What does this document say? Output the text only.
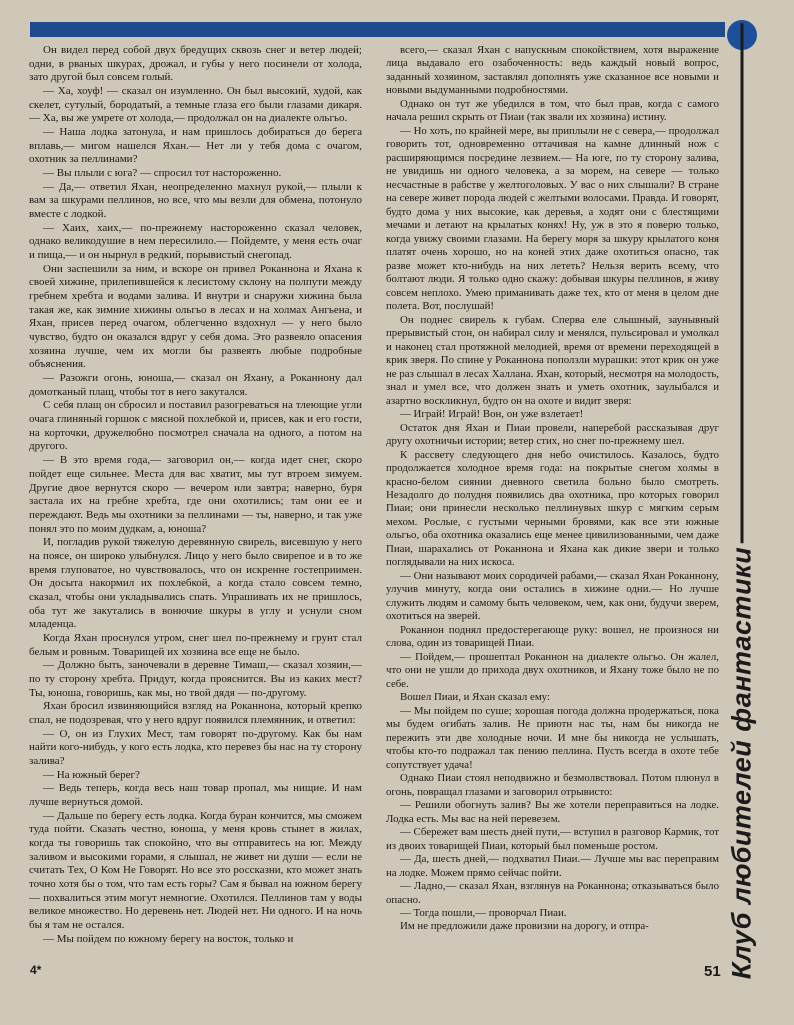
Клуб любителей фантастики

Он видел перед собой двух бредущих сквозь снег и ветер людей; одни, в рваных шкурах, дрожал, и губы у него посинели от холода, зато другой был совсем голый.

— Ха, хоуф! — сказал он изумленно. Он был высокий, худой, как скелет, сутулый, бородатый, а темные глаза его были глазами дикаря.— Ха, вы же умрете от холода,— продолжал он на диалекте ольгьо.

— Наша лодка затонула, и нам пришлось добираться до берега вплавь,— мигом нашелся Яхан.— Нет ли у тебя дома с очагом, охотник за пеллинами?

— Вы плыли с юга? — спросил тот настороженно.

— Да,— ответил Яхан, неопределенно махнул рукой,— плыли к вам за шкурами пеллинов, но все, что мы везли для обмена, потонуло вместе с лодкой.

— Хаих, хаих,— по-прежнему настороженно сказал человек, однако великодушие в нем пересилило.— Пойдемте, у меня есть очаг и пища,— и он нырнул в редкий, порывистый снегопад.

Они заспешили за ним, и вскоре он привел Роканнона и Яхана к своей хижине, прилепившейся к лесистому склону на полпути между гребнем хребта и водами залива. И внутри и снаружи хижина была такая же, как зимние хижины ольгьо в лесах и на холмах Ангьена, и Яхан, присев перед очагом, облегченно вздохнул — у него было чувство, будто он оказался вдруг у себя дома. Это развеяло опасения хозяина лучше, чем их могли бы развеять любые подробные объяснения.

— Разожги огонь, юноша,— сказал он Яхану, а Роканнону дал домотканый плащ, чтобы тот в него закутался.

С себя плащ он сбросил и поставил разогреваться на тлеющие угли очага глиняный горшок с мясной похлебкой и, присев, как и его гости, на корточки, дружелюбно посмотрел сначала на одного, а потом на другого.

— В это время года,— заговорил он,— когда идет снег, скоро пойдет еще сильнее. Места для вас хватит, мы тут втроем зимуем. Другие двое вернутся скоро — вечером или завтра; наверно, буря застала их на гребне хребта, где они охотились; там они ее и переждают. Ведь мы охотники за пеллинами — ты, наверно, и так уже понял это по моим дудкам, а, юноша?

И, погладив рукой тяжелую деревянную свирель, висевшую у него на поясе, он широко улыбнулся. Лицо у него было свирепое и в то же время глуповатое, но чувствовалось, что он искренне гостеприимен. Он досыта накормил их похлебкой, а когда стало совсем темно, сказал, чтобы они укладывались спать. Упрашивать их не пришлось, оба тут же закутались в вонючие шкуры в углу и уснули сном младенца.

Когда Яхан проснулся утром, снег шел по-прежнему и грунт стал белым и ровным. Товарищей их хозяина все еще не было.

— Должно быть, заночевали в деревне Тимаш,— сказал хозяин,— по ту сторону хребта. Придут, когда прояснится. Вы из каких мест? Ты, юноша, говоришь, как мы, но твой дядя — по-другому.

Яхан бросил извиняющийся взгляд на Роканнона, который крепко спал, не подозревая, что у него вдруг появился племянник, и ответил:

— О, он из Глухих Мест, там говорят по-другому. Как бы нам найти кого-нибудь, у кого есть лодка, кто перевез бы нас на ту сторону залива?

— На южный берег?

— Ведь теперь, когда весь наш товар пропал, мы нищие. И нам лучше вернуться домой.

— Дальше по берегу есть лодка. Когда буран кончится, мы сможем туда пойти. Сказать честно, юноша, у меня кровь стынет в жилах, когда ты говоришь так спокойно, что вы отправитесь на юг. Между заливом и высокими горами, я слышал, не живет ни души — если не считать Тех, О Ком Не Говорят. Но все это россказни, кто может знать точно хотя бы о том, что там есть горы? Сам я бывал на южном берегу — похвалиться этим могут немногие. Охотился. Пеллинов там у воды великое множество. Но деревень нет. Людей нет. Ни одного. И на ночь бы я там не остался.

— Мы пойдем по южному берегу на восток, только и

всего,— сказал Яхан с напускным спокойствием, хотя выражение лица выдавало его озабоченность: ведь каждый новый вопрос, заданный хозяином, заставлял дополнять уже сказанное все новыми и новыми выдуманными подробностями.

Однако он тут же убедился в том, что был прав, когда с самого начала решил скрыть от Пиаи (так звали их хозяина) истину.

— Но хоть, по крайней мере, вы приплыли не с севера,— продолжал говорить тот, одновременно оттачивая на камне длинный нож с расширяющимся посредине лезвием.— На юге, по ту сторону залива, не увидишь ни одного человека, а за морем, на севере — только несчастные в рабстве у желтоголовых. У вас о них слышали? В стране на севере живет порода людей с желтыми волосами. Правда. И говорят, будто дома у них высокие, как деревья, а ходят они с блестящими мечами и летают на крылатых конях! Ну, уж в это я поверю только, когда увижу своими глазами. На берегу моря за шкуру крылатого коня платят очень хорошо, но на коней этих даже охотиться опасно, так разве может кто-нибудь на них лететь? Нельзя верить всему, что болтают люди. Я только одно скажу: добывая шкуры пеллинов, я живу совсем неплохо. Умею приманивать даже тех, кто от меня в целом дне полета. Вот, послушай!

Он поднес свирель к губам. Сперва еле слышный, заунывный прерывистый стон, он набирал силу и менялся, пульсировал и умолкал и наконец стал протяжной мелодией, время от времени переходящей в крик зверя. По спине у Роканнона поползли мурашки: этот крик он уже не раз слышал в лесах Халлана. Яхан, который, несмотря на молодость, знал и умел все, что должен знать и уметь охотник, заулыбался и азартно воскликнул, будто он на охоте и видит зверя:

— Играй! Играй! Вон, он уже взлетает!

Остаток дня Яхан и Пиаи провели, наперебой рассказывая друг другу охотничьи истории; ветер стих, но снег по-прежнему шел.

К рассвету следующего дня небо очистилось. Казалось, будто продолжается холодное время года: на покрытые снегом холмы в красно-белом сиянии дневного светила больно было смотреть. Незадолго до полудня появились два охотника, про которых говорил Пиаи; они принесли несколько пеллинувых шкур с мягким серым мехом. Рослые, с густыми черными бровями, как все эти южные ольгьо, оба охотника оказались еще менее цивилизованными, чем даже Пиаи, шарахались от Роканнона и Яхана как дикие звери и только поглядывали на них искоса.

— Они называют моих сородичей рабами,— сказал Яхан Роканнону, улучив минуту, когда они остались в хижине одни.— Но лучше служить людям и самому быть человеком, чем, как они, будучи зверем, охотиться на зверей.

Роканнон поднял предостерегающе руку: вошел, не произнося ни слова, один из товарищей Пиаи.

— Пойдем,— прошептал Роканнон на диалекте ольгьо. Он жалел, что они не ушли до прихода двух охотников, и Яхану тоже было не по себе.

Вошел Пиаи, и Яхан сказал ему:

— Мы пойдем по суше; хорошая погода должна продержаться, пока мы будем огибать залив. Не приютн нас ты, нам бы никогда не пережить эти две холодные ночи. И мне бы никогда не услышать, чтобы кто-то подражал так пению пеллина. Пусть всегда в охоте тебе сопутствует удача!

Однако Пиаи стоял неподвижно и безмолвствовал. Потом плюнул в огонь, повращал глазами и заговорил отрывисто:

— Решили обогнуть залив? Вы же хотели переправиться на лодке. Лодка есть. Мы вас на ней перевезем.

— Сбережет вам шесть дней пути,— вступил в разговор Кармик, тот из двоих товарищей Пиаи, который был поменьше ростом.

— Да, шесть дней,— подхватил Пиаи.— Лучше мы вас переправим на лодке. Можем прямо сейчас пойти.

— Ладно,— сказал Яхан, взглянув на Роканнона; отказываться было опасно.

— Тогда пошли,— проворчал Пиаи.

Им не предложили даже провизии на дорогу, и отпра-

4*	51
